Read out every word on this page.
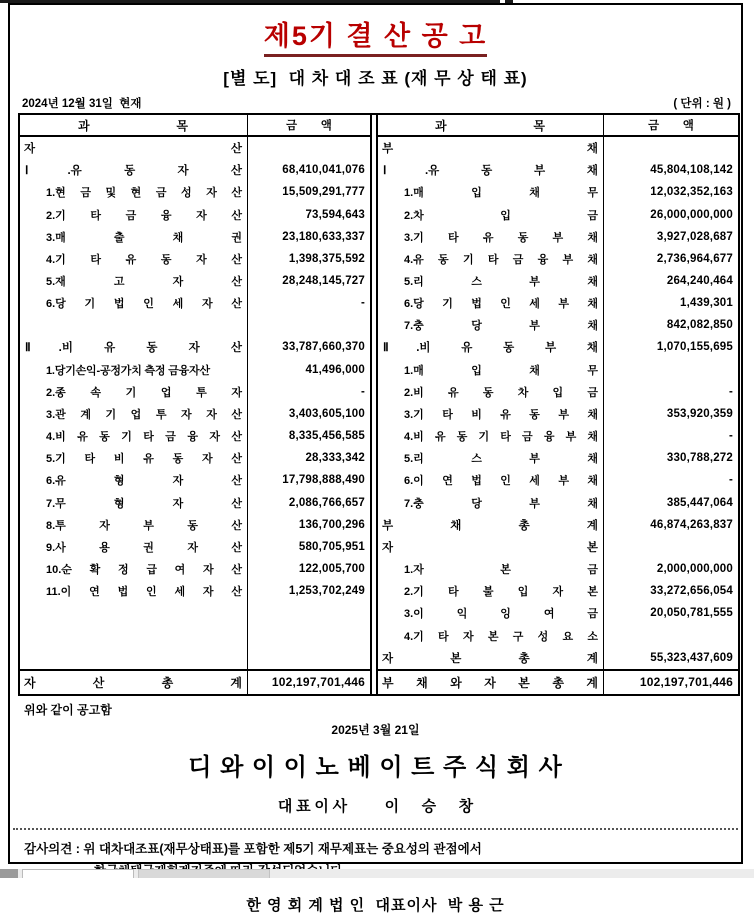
제5기 결 산 공 고
[별 도]  대 차 대 조 표 (재 무 상 태 표)
2024년 12월 31일  현재	( 단위 : 원 )
과 목	금 액
자 산
Ⅰ.유 동 자 산	68,410,041,076
1.현 금 및 현 금 성 자 산	15,509,291,777
2.기 타 금 융 자 산	73,594,643
3.매 출 채 권	23,180,633,337
4.기 타 유 동 자 산	1,398,375,592
5.재 고 자 산	28,248,145,727
6.당 기 법 인 세 자 산	-
Ⅱ.비 유 동 자 산	33,787,660,370
1.당기손익-공정가치 측정 금융자산	41,496,000
2.종 속 기 업 투 자	-
3.관 계 기 업 투 자 자 산	3,403,605,100
4.비 유 동 기 타 금 융 자 산	8,335,456,585
5.기 타 비 유 동 자 산	28,333,342
6.유 형 자 산	17,798,888,490
7.무 형 자 산	2,086,766,657
8.투 자 부 동 산	136,700,296
9.사 용 권 자 산	580,705,951
10.순 확 정 급 여 자 산	122,005,700
11.이 연 법 인 세 자 산	1,253,702,249
자 산 총 계	102,197,701,446
과 목	금 액
부 채
Ⅰ.유 동 부 채	45,804,108,142
1.매 입 채 무	12,032,352,163
2.차 입 금	26,000,000,000
3.기 타 유 동 부 채	3,927,028,687
4.유 동 기 타 금 융 부 채	2,736,964,677
5.리 스 부 채	264,240,464
6.당 기 법 인 세 부 채	1,439,301
7.충 당 부 채	842,082,850
Ⅱ.비 유 동 부 채	1,070,155,695
1.매 입 채 무
2.비 유 동 차 입 금	-
3.기 타 비 유 동 부 채	353,920,359
4.비 유 동 기 타 금 융 부 채	-
5.리 스 부 채	330,788,272
6.이 연 법 인 세 부 채	-
7.충 당 부 채	385,447,064
부 채 총 계	46,874,263,837
자 본
1.자 본 금	2,000,000,000
2.기 타 불 입 자 본	33,272,656,054
3.이 익 잉 여 금	20,050,781,555
4.기 타 자 본 구 성 요 소
자 본 총 계	55,323,437,609
부 채 와 자 본 총 계	102,197,701,446
위와 같이 공고함
2025년 3월 21일
디 와 이 이 노 베 이 트 주 식 회 사
대 표 이 사          이      승      창
감사의견 : 위 대차대조표(재무상태표)를 포함한 제5기 재무제표는 중요성의 관점에서
한 영 회 계 법 인  대표이사  박 용 근
